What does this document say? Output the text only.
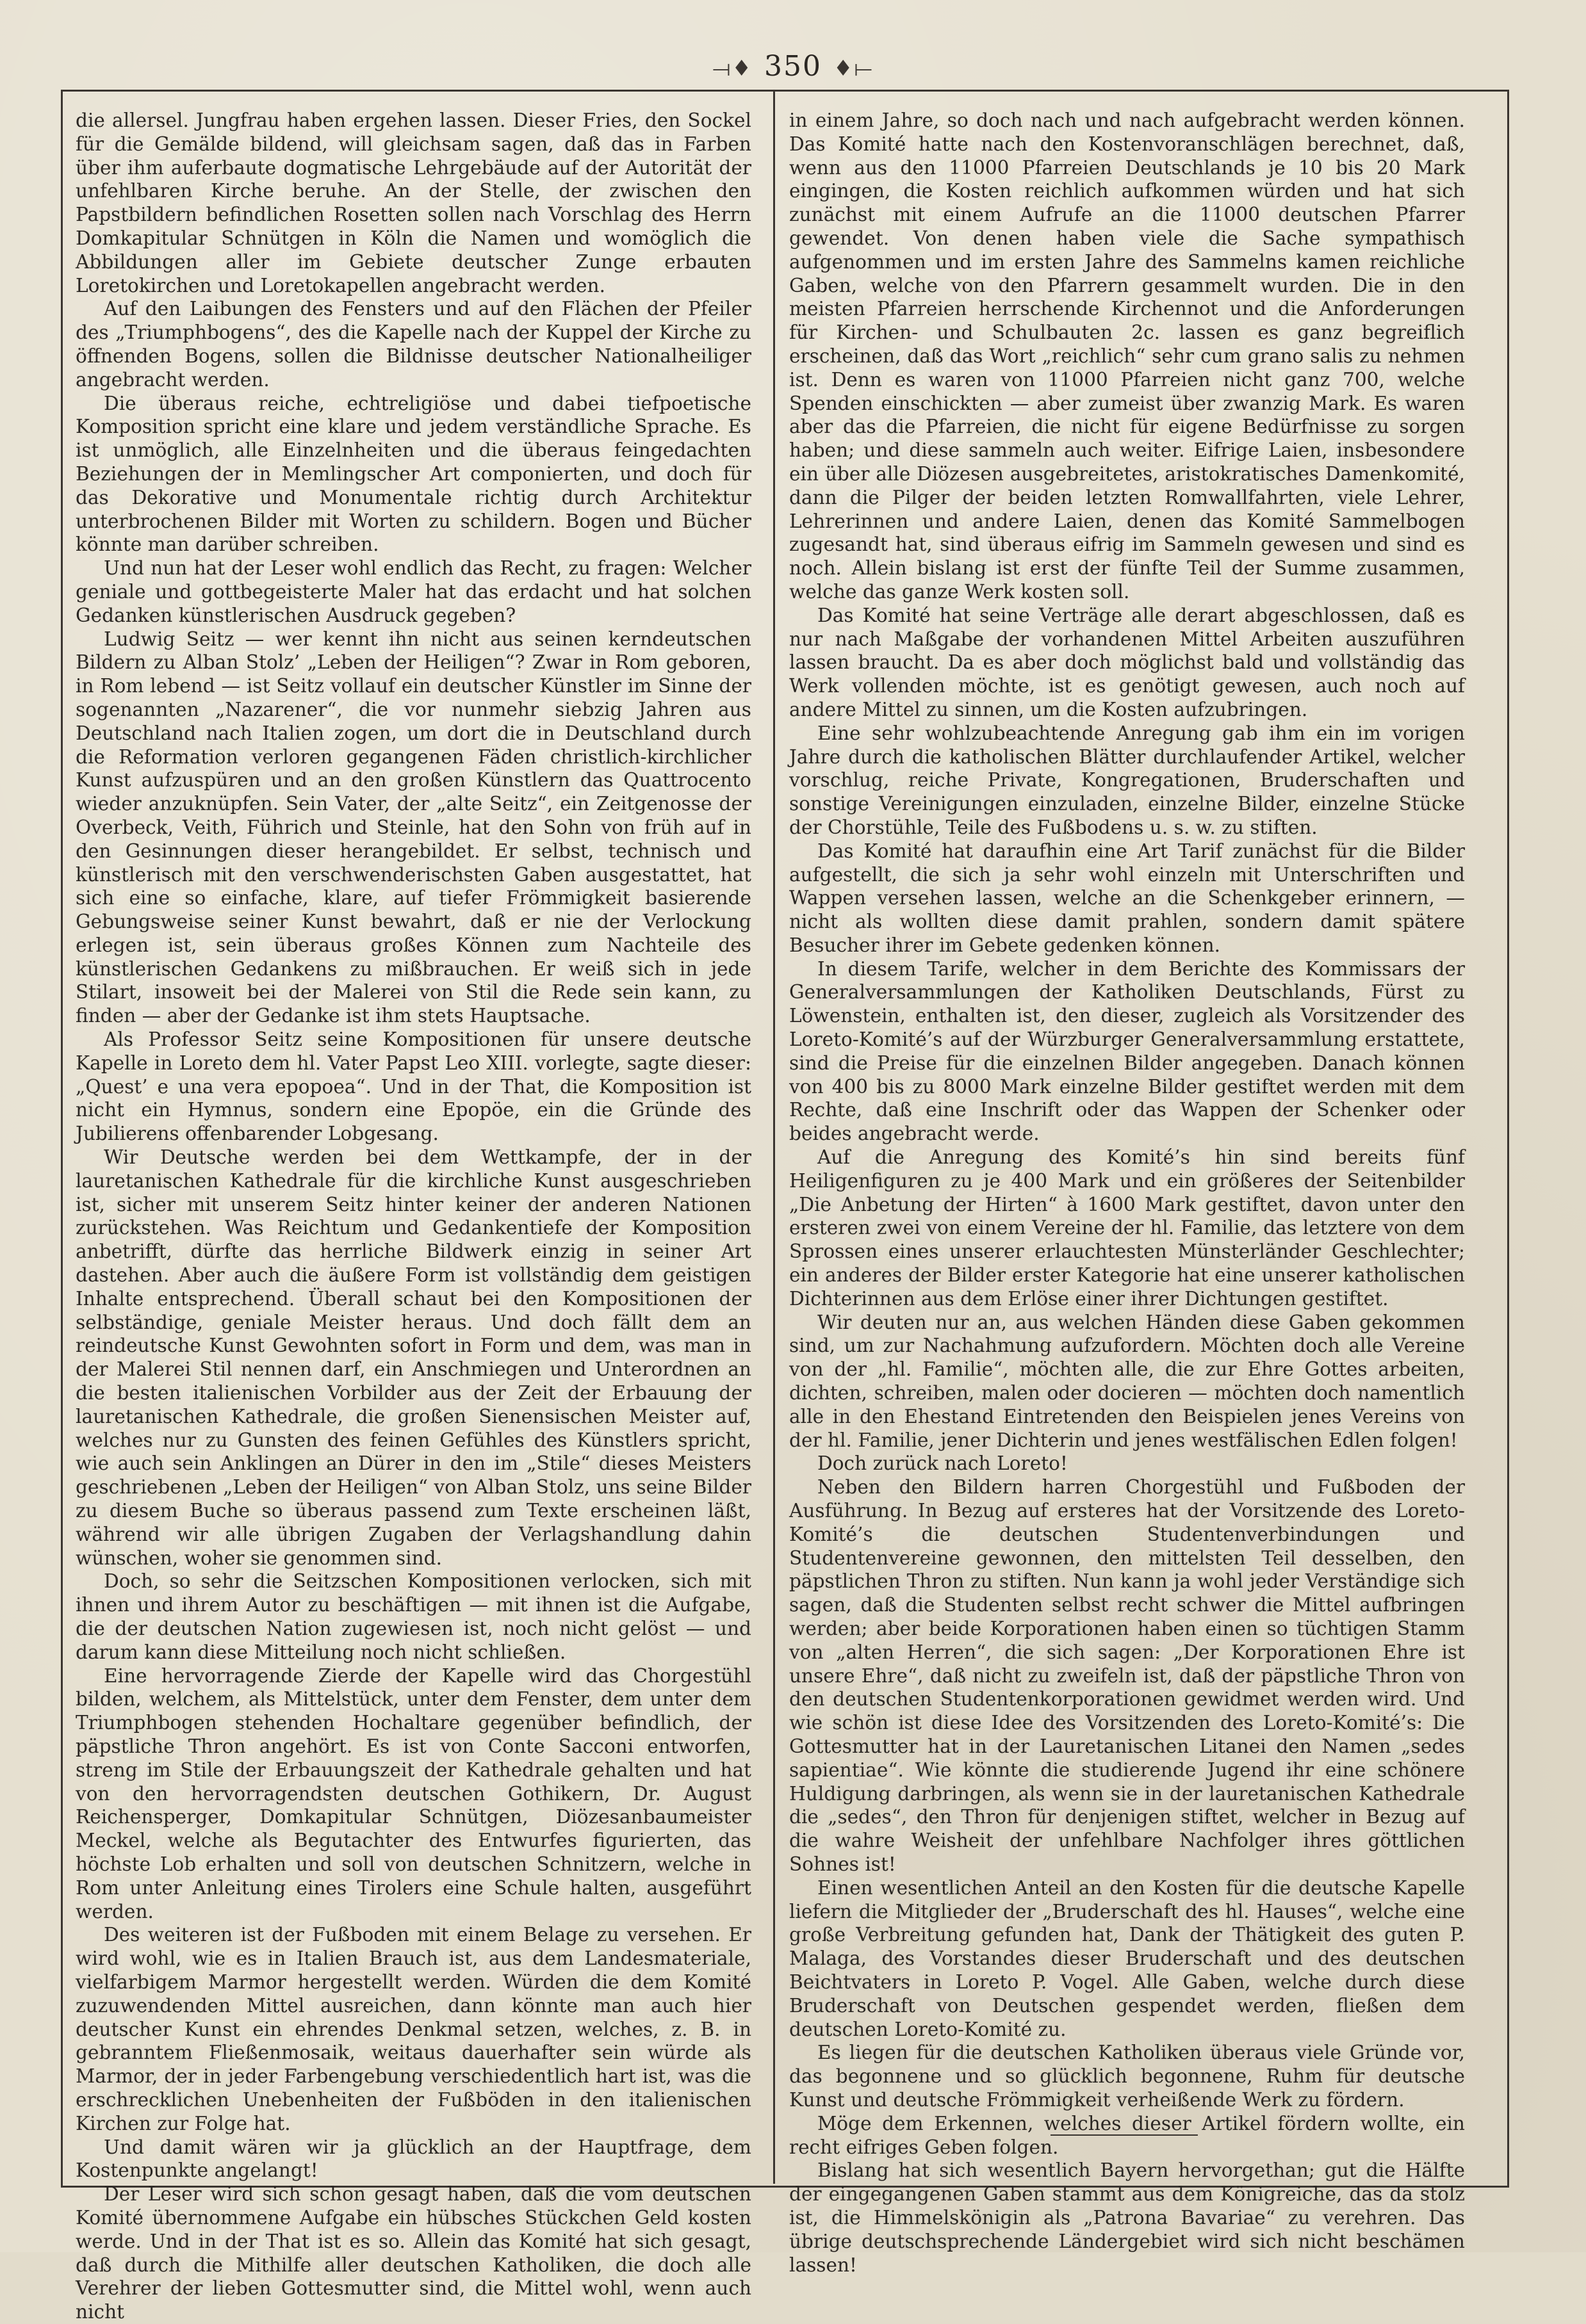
⟞♦ 350 ♦⟝

die allersel. Jungfrau haben ergehen lassen. Dieser Fries, den Sockel für die Gemälde bildend, will gleichsam sagen, daß das in Farben über ihm auferbaute dogmatische Lehrgebäude auf der Autorität der unfehlbaren Kirche beruhe. An der Stelle, der zwischen den Papstbildern befindlichen Rosetten sollen nach Vorschlag des Herrn Domkapitular Schnütgen in Köln die Namen und womöglich die Abbildungen aller im Gebiete deutscher Zunge erbauten Loretokirchen und Loretokapellen angebracht werden.

Auf den Laibungen des Fensters und auf den Flächen der Pfeiler des „Triumphbogens“, des die Kapelle nach der Kuppel der Kirche zu öffnenden Bogens, sollen die Bildnisse deutscher Nationalheiliger angebracht werden.

Die überaus reiche, echtreligiöse und dabei tiefpoetische Komposition spricht eine klare und jedem verständliche Sprache. Es ist unmöglich, alle Einzelnheiten und die überaus feingedachten Beziehungen der in Memlingscher Art componierten, und doch für das Dekorative und Monumentale richtig durch Architektur unterbrochenen Bilder mit Worten zu schildern. Bogen und Bücher könnte man darüber schreiben.

Und nun hat der Leser wohl endlich das Recht, zu fragen: Welcher geniale und gottbegeisterte Maler hat das erdacht und hat solchen Gedanken künstlerischen Ausdruck gegeben?

Ludwig Seitz — wer kennt ihn nicht aus seinen kerndeutschen Bildern zu Alban Stolz’ „Leben der Heiligen“? Zwar in Rom geboren, in Rom lebend — ist Seitz vollauf ein deutscher Künstler im Sinne der sogenannten „Nazarener“, die vor nunmehr siebzig Jahren aus Deutschland nach Italien zogen, um dort die in Deutschland durch die Reformation verloren gegangenen Fäden christlich-kirchlicher Kunst aufzuspüren und an den großen Künstlern das Quattrocento wieder anzuknüpfen. Sein Vater, der „alte Seitz“, ein Zeitgenosse der Overbeck, Veith, Führich und Steinle, hat den Sohn von früh auf in den Gesinnungen dieser herangebildet. Er selbst, technisch und künstlerisch mit den verschwenderischsten Gaben ausgestattet, hat sich eine so einfache, klare, auf tiefer Frömmigkeit basierende Gebungsweise seiner Kunst bewahrt, daß er nie der Verlockung erlegen ist, sein überaus großes Können zum Nachteile des künstlerischen Gedankens zu mißbrauchen. Er weiß sich in jede Stilart, insoweit bei der Malerei von Stil die Rede sein kann, zu finden — aber der Gedanke ist ihm stets Hauptsache.

Als Professor Seitz seine Kompositionen für unsere deutsche Kapelle in Loreto dem hl. Vater Papst Leo XIII. vorlegte, sagte dieser: „Quest’ e una vera epopoea“. Und in der That, die Komposition ist nicht ein Hymnus, sondern eine Epopöe, ein die Gründe des Jubilierens offenbarender Lobgesang.

Wir Deutsche werden bei dem Wettkampfe, der in der lauretanischen Kathedrale für die kirchliche Kunst ausgeschrieben ist, sicher mit unserem Seitz hinter keiner der anderen Nationen zurückstehen. Was Reichtum und Gedankentiefe der Komposition anbetrifft, dürfte das herrliche Bildwerk einzig in seiner Art dastehen. Aber auch die äußere Form ist vollständig dem geistigen Inhalte entsprechend. Überall schaut bei den Kompositionen der selbständige, geniale Meister heraus. Und doch fällt dem an reindeutsche Kunst Gewohnten sofort in Form und dem, was man in der Malerei Stil nennen darf, ein Anschmiegen und Unterordnen an die besten italienischen Vorbilder aus der Zeit der Erbauung der lauretanischen Kathedrale, die großen Sienensischen Meister auf, welches nur zu Gunsten des feinen Gefühles des Künstlers spricht, wie auch sein Anklingen an Dürer in den im „Stile“ dieses Meisters geschriebenen „Leben der Heiligen“ von Alban Stolz, uns seine Bilder zu diesem Buche so überaus passend zum Texte erscheinen läßt, während wir alle übrigen Zugaben der Verlagshandlung dahin wünschen, woher sie genommen sind.

Doch, so sehr die Seitzschen Kompositionen verlocken, sich mit ihnen und ihrem Autor zu beschäftigen — mit ihnen ist die Aufgabe, die der deutschen Nation zugewiesen ist, noch nicht gelöst — und darum kann diese Mitteilung noch nicht schließen.

Eine hervorragende Zierde der Kapelle wird das Chorgestühl bilden, welchem, als Mittelstück, unter dem Fenster, dem unter dem Triumphbogen stehenden Hochaltare gegenüber befindlich, der päpstliche Thron angehört. Es ist von Conte Sacconi entworfen, streng im Stile der Erbauungszeit der Kathedrale gehalten und hat von den hervorragendsten deutschen Gothikern, Dr. August Reichensperger, Domkapitular Schnütgen, Diözesanbaumeister Meckel, welche als Begutachter des Entwurfes figurierten, das höchste Lob erhalten und soll von deutschen Schnitzern, welche in Rom unter Anleitung eines Tirolers eine Schule halten, ausgeführt werden.

Des weiteren ist der Fußboden mit einem Belage zu versehen. Er wird wohl, wie es in Italien Brauch ist, aus dem Landesmateriale, vielfarbigem Marmor hergestellt werden. Würden die dem Komité zuzuwendenden Mittel ausreichen, dann könnte man auch hier deutscher Kunst ein ehrendes Denkmal setzen, welches, z. B. in gebranntem Fließenmosaik, weitaus dauerhafter sein würde als Marmor, der in jeder Farbengebung verschiedentlich hart ist, was die erschrecklichen Unebenheiten der Fußböden in den italienischen Kirchen zur Folge hat.

Und damit wären wir ja glücklich an der Hauptfrage, dem Kostenpunkte angelangt!

Der Leser wird sich schon gesagt haben, daß die vom deutschen Komité übernommene Aufgabe ein hübsches Stückchen Geld kosten werde. Und in der That ist es so. Allein das Komité hat sich gesagt, daß durch die Mithilfe aller deutschen Katholiken, die doch alle Verehrer der lieben Gottesmutter sind, die Mittel wohl, wenn auch nicht

in einem Jahre, so doch nach und nach aufgebracht werden können. Das Komité hatte nach den Kostenvoranschlägen berechnet, daß, wenn aus den 11000 Pfarreien Deutschlands je 10 bis 20 Mark eingingen, die Kosten reichlich aufkommen würden und hat sich zunächst mit einem Aufrufe an die 11000 deutschen Pfarrer gewendet. Von denen haben viele die Sache sympathisch aufgenommen und im ersten Jahre des Sammelns kamen reichliche Gaben, welche von den Pfarrern gesammelt wurden. Die in den meisten Pfarreien herrschende Kirchennot und die Anforderungen für Kirchen- und Schulbauten 2c. lassen es ganz begreiflich erscheinen, daß das Wort „reichlich“ sehr cum grano salis zu nehmen ist. Denn es waren von 11000 Pfarreien nicht ganz 700, welche Spenden einschickten — aber zumeist über zwanzig Mark. Es waren aber das die Pfarreien, die nicht für eigene Bedürfnisse zu sorgen haben; und diese sammeln auch weiter. Eifrige Laien, insbesondere ein über alle Diözesen ausgebreitetes, aristokratisches Damenkomité, dann die Pilger der beiden letzten Romwallfahrten, viele Lehrer, Lehrerinnen und andere Laien, denen das Komité Sammelbogen zugesandt hat, sind überaus eifrig im Sammeln gewesen und sind es noch. Allein bislang ist erst der fünfte Teil der Summe zusammen, welche das ganze Werk kosten soll.

Das Komité hat seine Verträge alle derart abgeschlossen, daß es nur nach Maßgabe der vorhandenen Mittel Arbeiten auszuführen lassen braucht. Da es aber doch möglichst bald und vollständig das Werk vollenden möchte, ist es genötigt gewesen, auch noch auf andere Mittel zu sinnen, um die Kosten aufzubringen.

Eine sehr wohlzubeachtende Anregung gab ihm ein im vorigen Jahre durch die katholischen Blätter durchlaufender Artikel, welcher vorschlug, reiche Private, Kongregationen, Bruderschaften und sonstige Vereinigungen einzuladen, einzelne Bilder, einzelne Stücke der Chorstühle, Teile des Fußbodens u. s. w. zu stiften.

Das Komité hat daraufhin eine Art Tarif zunächst für die Bilder aufgestellt, die sich ja sehr wohl einzeln mit Unterschriften und Wappen versehen lassen, welche an die Schenkgeber erinnern, — nicht als wollten diese damit prahlen, sondern damit spätere Besucher ihrer im Gebete gedenken können.

In diesem Tarife, welcher in dem Berichte des Kommissars der Generalversammlungen der Katholiken Deutschlands, Fürst zu Löwenstein, enthalten ist, den dieser, zugleich als Vorsitzender des Loreto-Komité’s auf der Würzburger Generalversammlung erstattete, sind die Preise für die einzelnen Bilder angegeben. Danach können von 400 bis zu 8000 Mark einzelne Bilder gestiftet werden mit dem Rechte, daß eine Inschrift oder das Wappen der Schenker oder beides angebracht werde.

Auf die Anregung des Komité’s hin sind bereits fünf Heiligenfiguren zu je 400 Mark und ein größeres der Seitenbilder „Die Anbetung der Hirten“ à 1600 Mark gestiftet, davon unter den ersteren zwei von einem Vereine der hl. Familie, das letztere von dem Sprossen eines unserer erlauchtesten Münsterländer Geschlechter; ein anderes der Bilder erster Kategorie hat eine unserer katholischen Dichterinnen aus dem Erlöse einer ihrer Dichtungen gestiftet.

Wir deuten nur an, aus welchen Händen diese Gaben gekommen sind, um zur Nachahmung aufzufordern. Möchten doch alle Vereine von der „hl. Familie“, möchten alle, die zur Ehre Gottes arbeiten, dichten, schreiben, malen oder docieren — möchten doch namentlich alle in den Ehestand Eintretenden den Beispielen jenes Vereins von der hl. Familie, jener Dichterin und jenes westfälischen Edlen folgen!

Doch zurück nach Loreto!

Neben den Bildern harren Chorgestühl und Fußboden der Ausführung. In Bezug auf ersteres hat der Vorsitzende des Loreto-Komité’s die deutschen Studentenverbindungen und Studentenvereine gewonnen, den mittelsten Teil desselben, den päpstlichen Thron zu stiften. Nun kann ja wohl jeder Verständige sich sagen, daß die Studenten selbst recht schwer die Mittel aufbringen werden; aber beide Korporationen haben einen so tüchtigen Stamm von „alten Herren“, die sich sagen: „Der Korporationen Ehre ist unsere Ehre“, daß nicht zu zweifeln ist, daß der päpstliche Thron von den deutschen Studentenkorporationen gewidmet werden wird. Und wie schön ist diese Idee des Vorsitzenden des Loreto-Komité’s: Die Gottesmutter hat in der Lauretanischen Litanei den Namen „sedes sapientiae“. Wie könnte die studierende Jugend ihr eine schönere Huldigung darbringen, als wenn sie in der lauretanischen Kathedrale die „sedes“, den Thron für denjenigen stiftet, welcher in Bezug auf die wahre Weisheit der unfehlbare Nachfolger ihres göttlichen Sohnes ist!

Einen wesentlichen Anteil an den Kosten für die deutsche Kapelle liefern die Mitglieder der „Bruderschaft des hl. Hauses“, welche eine große Verbreitung gefunden hat, Dank der Thätigkeit des guten P. Malaga, des Vorstandes dieser Bruderschaft und des deutschen Beichtvaters in Loreto P. Vogel. Alle Gaben, welche durch diese Bruderschaft von Deutschen gespendet werden, fließen dem deutschen Loreto-Komité zu.

Es liegen für die deutschen Katholiken überaus viele Gründe vor, das begonnene und so glücklich begonnene, Ruhm für deutsche Kunst und deutsche Frömmigkeit verheißende Werk zu fördern.

Möge dem Erkennen, welches dieser Artikel fördern wollte, ein recht eifriges Geben folgen.

Bislang hat sich wesentlich Bayern hervorgethan; gut die Hälfte der eingegangenen Gaben stammt aus dem Königreiche, das da stolz ist, die Himmelskönigin als „Patrona Bavariae“ zu verehren. Das übrige deutschsprechende Ländergebiet wird sich nicht beschämen lassen!
